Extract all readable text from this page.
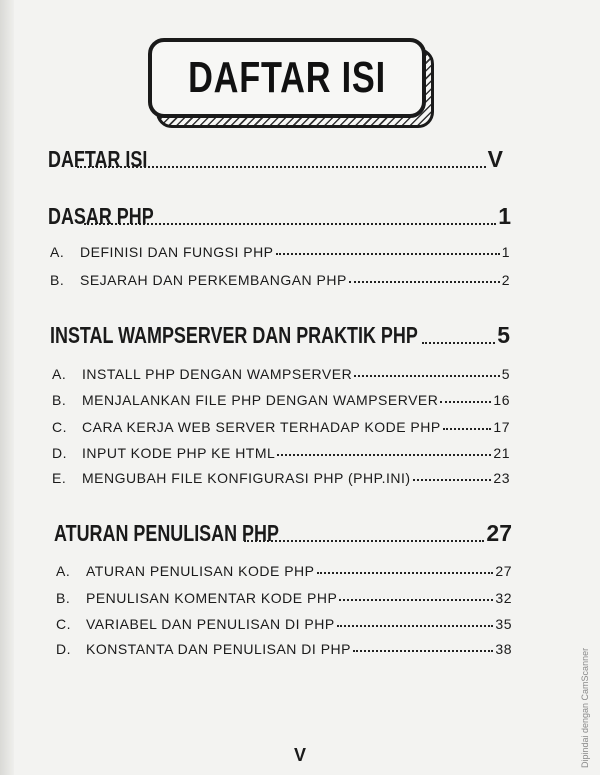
DAFTAR ISI
DAFTAR ISI	V
DASAR PHP	1
A.	DEFINISI DAN FUNGSI PHP	1
B.	SEJARAH DAN PERKEMBANGAN PHP	2
INSTAL WAMPSERVER DAN PRAKTIK PHP	5
A.	INSTALL PHP DENGAN WAMPSERVER	5
B.	MENJALANKAN FILE PHP DENGAN WAMPSERVER	16
C.	CARA KERJA WEB SERVER TERHADAP KODE PHP	17
D.	INPUT KODE PHP KE HTML	21
E.	MENGUBAH FILE KONFIGURASI PHP (PHP.INI)	23
ATURAN PENULISAN PHP	27
A.	ATURAN PENULISAN KODE PHP	27
B.	PENULISAN KOMENTAR KODE PHP	32
C.	VARIABEL DAN PENULISAN DI PHP	35
D.	KONSTANTA DAN PENULISAN DI PHP	38
V	Dipindai dengan CamScanner
